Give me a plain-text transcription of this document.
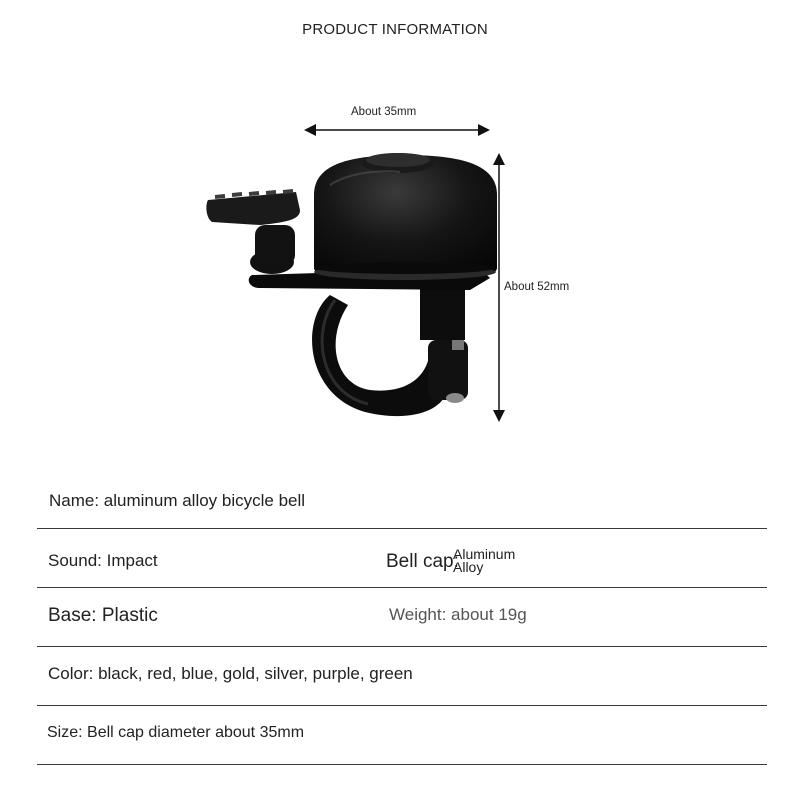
PRODUCT INFORMATION
About 35mm
About 52mm
Name: aluminum alloy bicycle bell
Sound: Impact	Bell cap:
Aluminum
Alloy
Base: Plastic	Weight: about 19g
Color: black, red, blue, gold, silver, purple, green
Size: Bell cap diameter about 35mm
